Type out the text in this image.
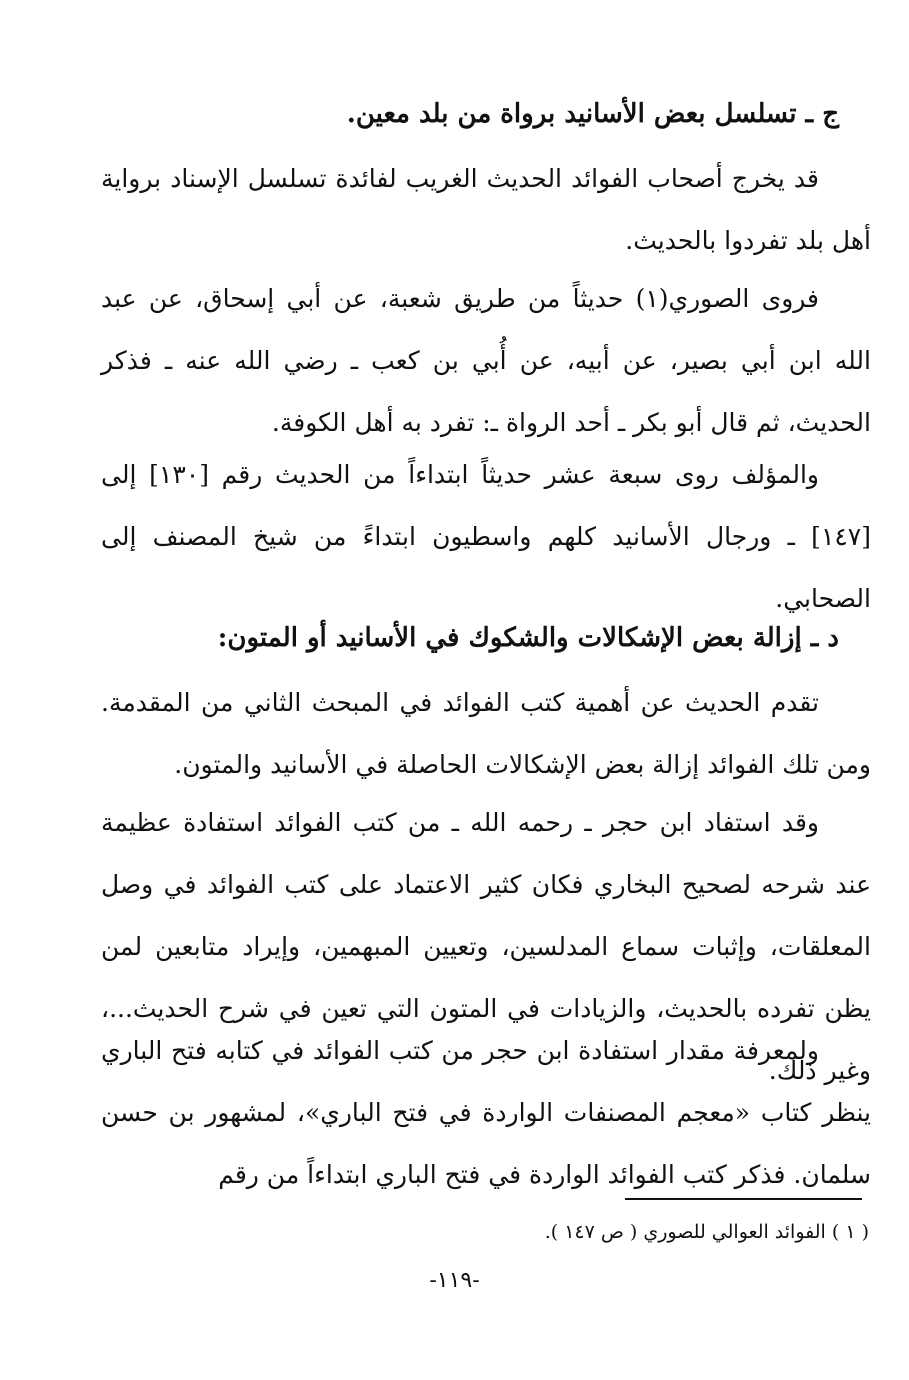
ج ـ تسلسل بعض الأسانيد برواة من بلد معين.
قد يخرج أصحاب الفوائد الحديث الغريب لفائدة تسلسل الإسناد برواية أهل بلد تفردوا بالحديث.
فروى الصوري(١) حديثاً من طريق شعبة، عن أبي إسحاق، عن عبد الله ابن أبي بصير، عن أبيه، عن أُبي بن كعب ـ رضي الله عنه ـ فذكر الحديث، ثم قال أبو بكر ـ أحد الرواة ـ: تفرد به أهل الكوفة.
والمؤلف روى سبعة عشر حديثاً ابتداءاً من الحديث رقم [١٣٠] إلى [١٤٧] ـ ورجال الأسانيد كلهم واسطيون ابتداءً من شيخ المصنف إلى الصحابي.
د ـ إزالة بعض الإشكالات والشكوك في الأسانيد أو المتون:
تقدم الحديث عن أهمية كتب الفوائد في المبحث الثاني من المقدمة. ومن تلك الفوائد إزالة بعض الإشكالات الحاصلة في الأسانيد والمتون.
وقد استفاد ابن حجر ـ رحمه الله ـ من كتب الفوائد استفادة عظيمة عند شرحه لصحيح البخاري فكان كثير الاعتماد على كتب الفوائد في وصل المعلقات، وإثبات سماع المدلسين، وتعيين المبهمين، وإيراد متابعين لمن يظن تفرده بالحديث، والزيادات في المتون التي تعين في شرح الحديث...، وغير ذلك.
ولمعرفة مقدار استفادة ابن حجر من كتب الفوائد في كتابه فتح الباري ينظر كتاب «معجم المصنفات الواردة في فتح الباري»، لمشهور بن حسن سلمان. فذكر كتب الفوائد الواردة في فتح الباري ابتداءاً من رقم
( ١ ) الفوائد العوالي للصوري ( ص ١٤٧ ).
-١١٩-
